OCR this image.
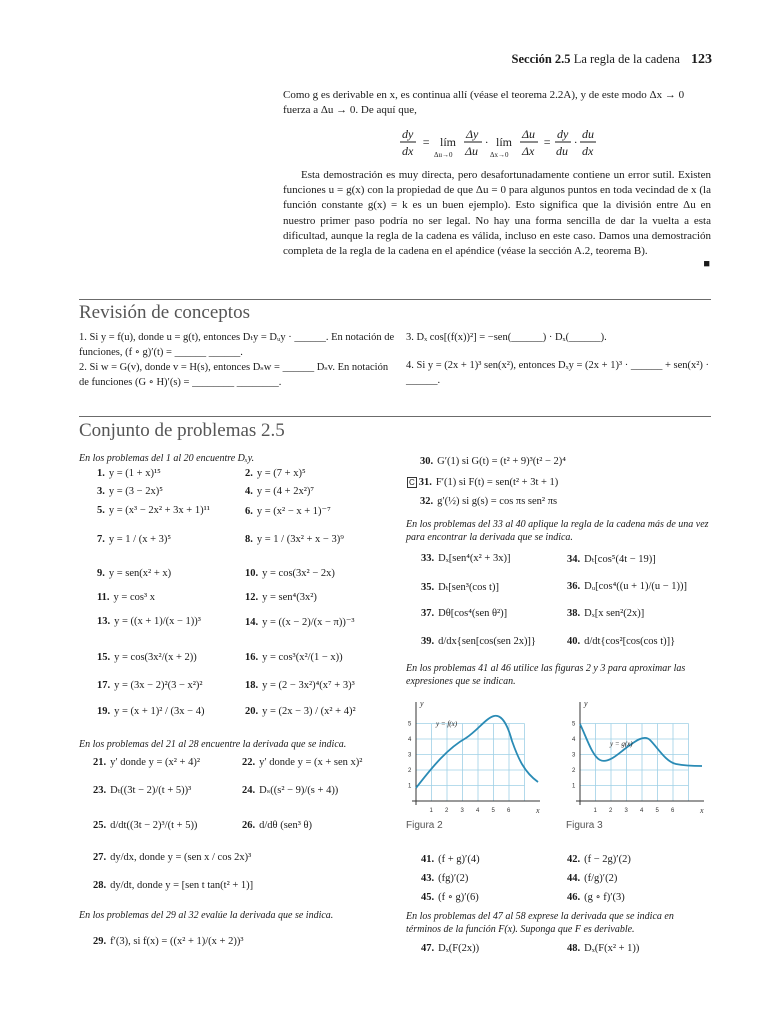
Sección 2.5 La regla de la cadena 123
Como g es derivable en x, es continua allí (véase el teorema 2.2A), y de este modo Δx → 0 fuerza a Δu → 0. De aquí que,
dy
dx
= lím
Δu→0
Δy
Δu
· lím
Δx→0
Δu
Δx
=
dy
du
·
du
dx
Esta demostración es muy directa, pero desafortunadamente contiene un error sutil. Existen funciones u = g(x) con la propiedad de que Δu = 0 para algunos puntos en toda vecindad de x (la función constante g(x) = k es un buen ejemplo). Esto significa que la división entre Δu en nuestro primer paso podría no ser legal. No hay una forma sencilla de dar la vuelta a esta dificultad, aunque la regla de la cadena es válida, incluso en este caso. Damos una demostración completa de la regla de la cadena en el apéndice (véase la sección A.2, teorema B).
■
Revisión de conceptos
1. Si y = f(u), donde u = g(t), entonces Dₜy = Dᵤy · ______. En notación de funciones, (f ∘ g)′(t) = ______ ______.
2. Si w = G(v), donde v = H(s), entonces Dₛw = ______ Dₛv. En notación de funciones (G ∘ H)′(s) = ________ ________.
3. Dₓ cos[(f(x))²] = −sen(______) · Dₓ(______).
4. Si y = (2x + 1)³ sen(x²), entonces Dₓy = (2x + 1)³ · ______ + sen(x²) · ______.
Conjunto de problemas 2.5
En los problemas del 1 al 20 encuentre Dₓy.
1. y = (1 + x)¹⁵	2. y = (7 + x)⁵
3. y = (3 − 2x)⁵	4. y = (4 + 2x²)⁷
5. y = (x³ − 2x² + 3x + 1)¹¹	6. y = (x² − x + 1)⁻⁷
7. y = 1 / (x + 3)⁵	8. y = 1 / (3x² + x − 3)⁹
9. y = sen(x² + x)	10. y = cos(3x² − 2x)
11. y = cos³ x	12. y = sen⁴(3x²)
13. y = ((x + 1)/(x − 1))³	14. y = ((x − 2)/(x − π))⁻³
15. y = cos(3x²/(x + 2))	16. y = cos³(x²/(1 − x))
17. y = (3x − 2)²(3 − x²)²	18. y = (2 − 3x²)⁴(x⁷ + 3)³
19. y = (x + 1)² / (3x − 4)	20. y = (2x − 3) / (x² + 4)²
21. y′ donde y = (x² + 4)²	22. y′ donde y = (x + sen x)²
23. Dₜ((3t − 2)/(t + 5))³	24. Dₛ((s² − 9)/(s + 4))
25. d/dt((3t − 2)³/(t + 5))	26. d/dθ (sen³ θ)
27. dy/dx, donde y = (sen x / cos 2x)³
28. dy/dt, donde y = [sen t tan(t² + 1)]
29. f′(3), si f(x) = ((x² + 1)/(x + 2))³
30. G′(1) si G(t) = (t² + 9)³(t² − 2)⁴
C 31. F′(1) si F(t) = sen(t² + 3t + 1)
32. g′(½) si g(s) = cos πs sen² πs
33. Dₓ[sen⁴(x² + 3x)]	34. Dₜ[cos⁵(4t − 19)]
35. Dₜ[sen³(cos t)]	36. Dᵤ[cos⁴((u + 1)/(u − 1))]
37. Dθ[cos⁴(sen θ²)]	38. Dₓ[x sen²(2x)]
39. d/dx{sen[cos(sen 2x)]}	40. d/dt{cos²[cos(cos t)]}
41. (f + g)′(4)	42. (f − 2g)′(2)
43. (fg)′(2)	44. (f/g)′(2)
45. (f ∘ g)′(6)	46. (g ∘ f)′(3)
47. Dₓ(F(2x))	48. Dₓ(F(x² + 1))
En los problemas del 21 al 28 encuentre la derivada que se indica.
En los problemas del 29 al 32 evalúe la derivada que se indica.
En los problemas del 33 al 40 aplique la regla de la cadena más de una vez para encontrar la derivada que se indica.
En los problemas 41 al 46 utilice las figuras 2 y 3 para aproximar las expresiones que se indican.
1 2 3 4 5 6
1
2
3
4
5
y
x
y = f(x)
Figura 2
1 2 3 4 5 6
1
2
3
4
5
y
x
y = g(x)
Figura 3
En los problemas del 47 al 58 exprese la derivada que se indica en términos de la función F(x). Suponga que F es derivable.
